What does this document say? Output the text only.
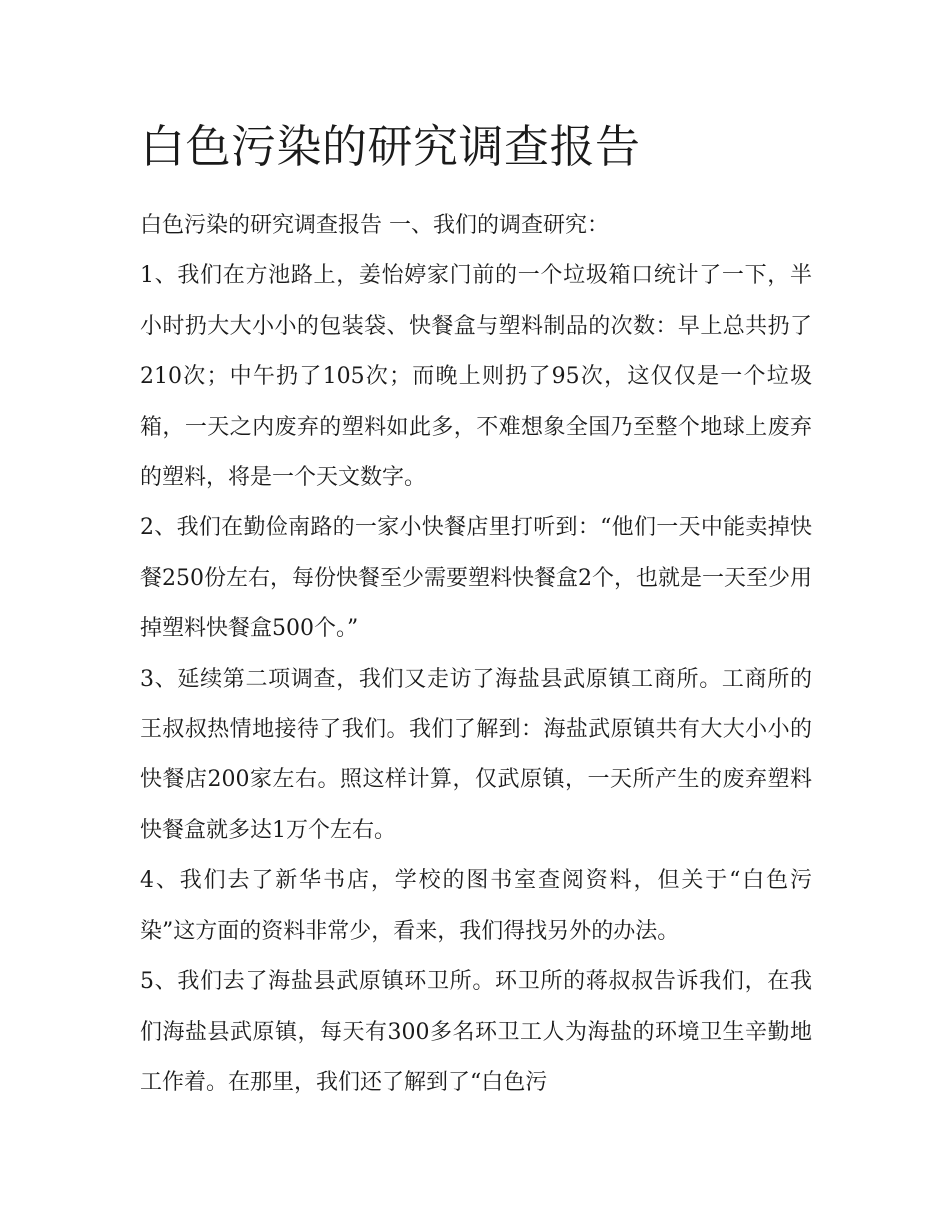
白色污染的研究调查报告

白色污染的研究调查报告 一、我们的调查研究：

1、我们在方池路上，姜怡婷家门前的一个垃圾箱口统计了一下，半小时扔大大小小的包装袋、快餐盒与塑料制品的次数：早上总共扔了210次；中午扔了105次；而晚上则扔了95次，这仅仅是一个垃圾箱，一天之内废弃的塑料如此多，不难想象全国乃至整个地球上废弃的塑料，将是一个天文数字。

2、我们在勤俭南路的一家小快餐店里打听到：“他们一天中能卖掉快餐250份左右，每份快餐至少需要塑料快餐盒2个，也就是一天至少用掉塑料快餐盒500个。”

3、延续第二项调查，我们又走访了海盐县武原镇工商所。工商所的王叔叔热情地接待了我们。我们了解到：海盐武原镇共有大大小小的快餐店200家左右。照这样计算，仅武原镇，一天所产生的废弃塑料快餐盒就多达1万个左右。

4、我们去了新华书店，学校的图书室查阅资料，但关于“白色污染”这方面的资料非常少，看来，我们得找另外的办法。

5、我们去了海盐县武原镇环卫所。环卫所的蒋叔叔告诉我们，在我们海盐县武原镇，每天有300多名环卫工人为海盐的环境卫生辛勤地工作着。在那里，我们还了解到了“白色污
